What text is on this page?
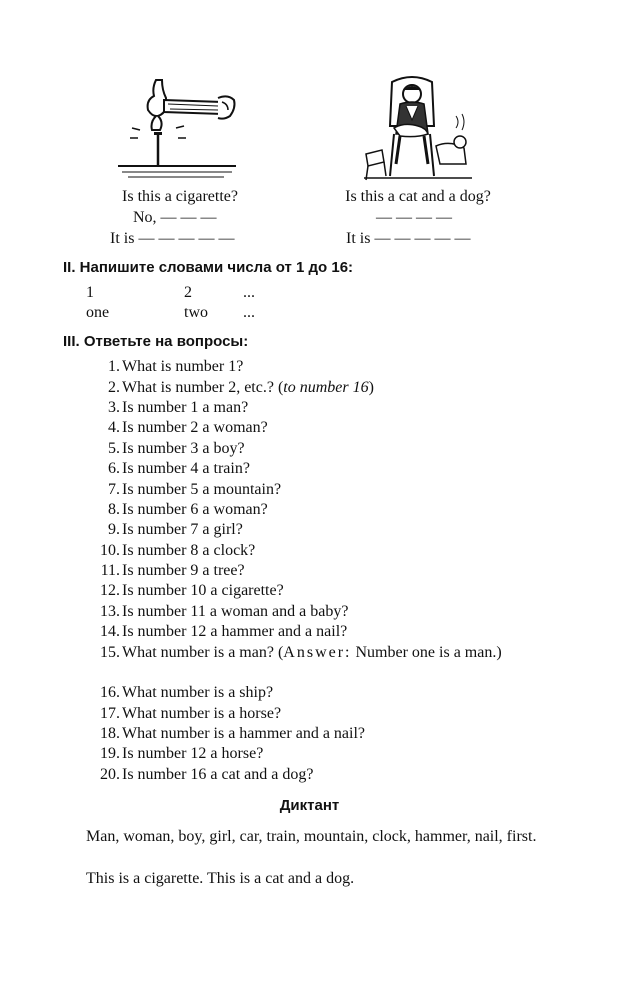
Is this a cigarette?
No, — — —
It is — — — — —
Is this a cat and a dog?
— — — —
It is — — — — —
II. Напишите словами числа от 1 до 16:
1	2	...
one	two ...
III. Ответьте на вопросы:
1. What is number 1?
2. What is number 2, etc.? (to number 16)
3. Is number 1 a man?
4. Is number 2 a woman?
5. Is number 3 a boy?
6. Is number 4 a train?
7. Is number 5 a mountain?
8. Is number 6 a woman?
9. Is number 7 a girl?
10. Is number 8 a clock?
11. Is number 9 a tree?
12. Is number 10 a cigarette?
13. Is number 11 a woman and a baby?
14. Is number 12 a hammer and a nail?
15. What number is a man? (Answer: Number one is a man.)
16. What number is a ship?
17. What number is a horse?
18. What number is a hammer and a nail?
19. Is number 12 a horse?
20. Is number 16 a cat and a dog?
Диктант
Man, woman, boy, girl, car, train, mountain, clock, hammer, nail, first.
This is a cigarette. This is a cat and a dog.
